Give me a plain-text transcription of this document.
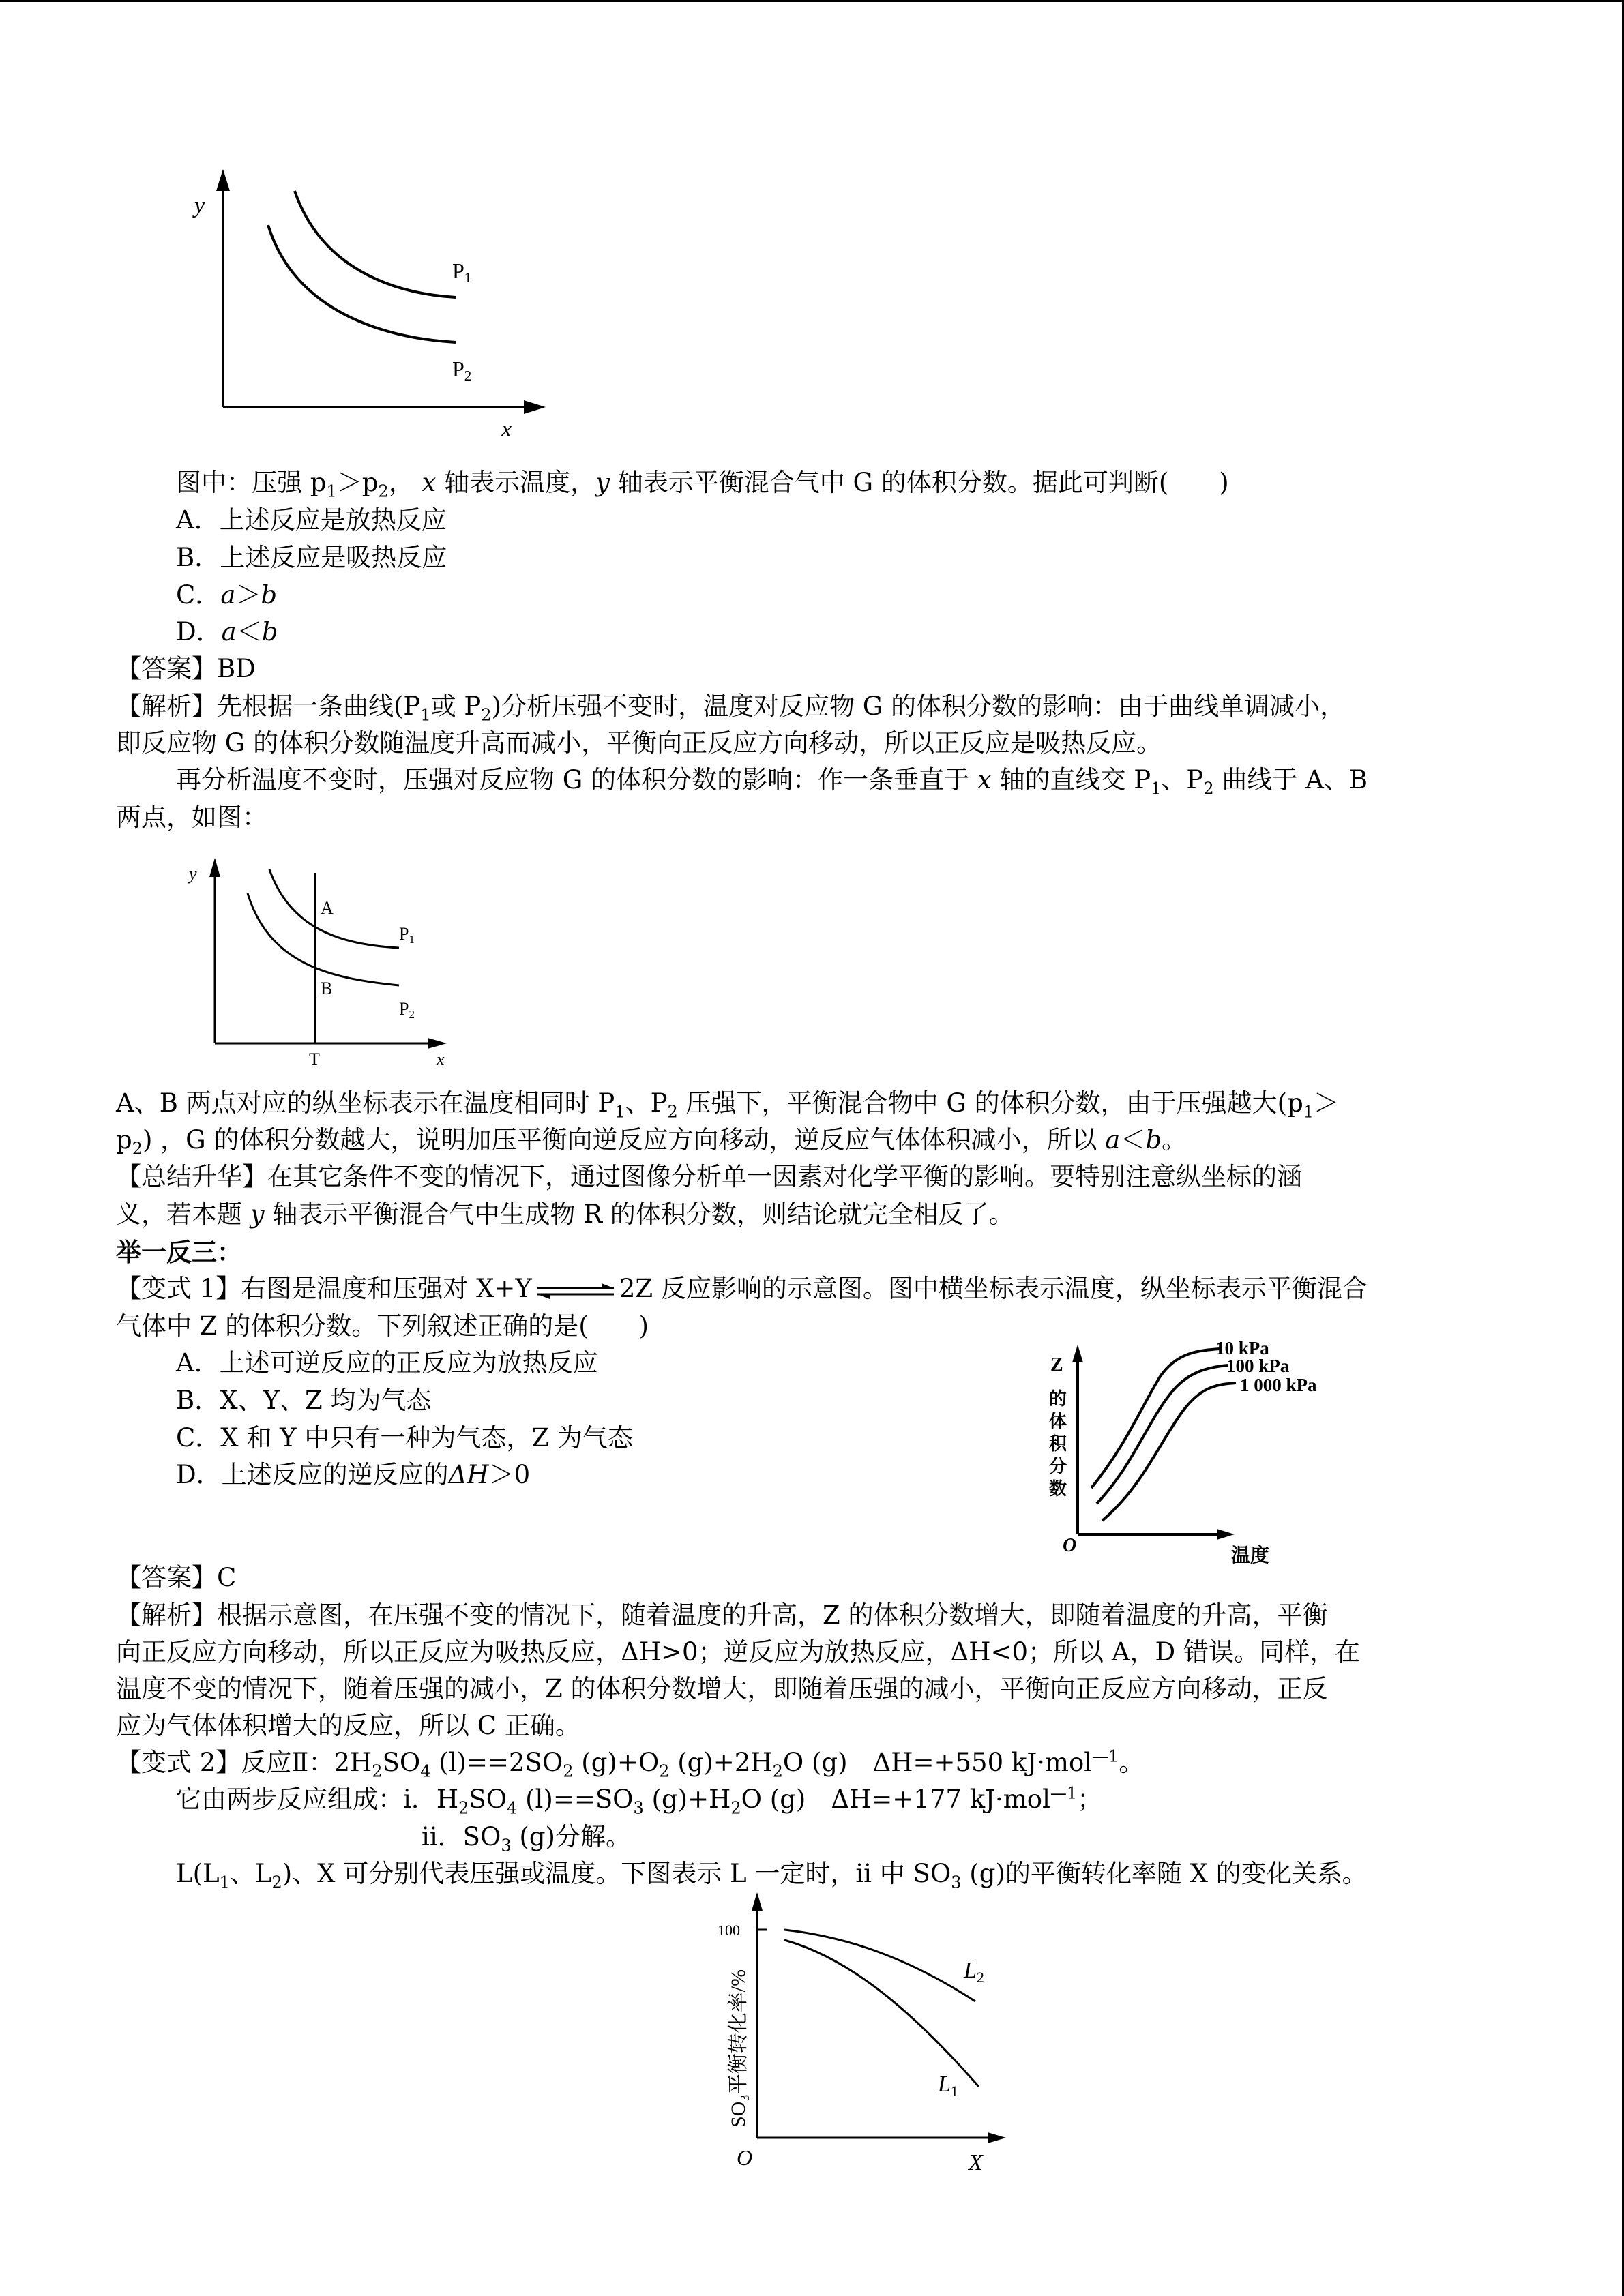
y
x
P1
P2
图中：压强 $p_1>p_2$， x 轴表示温度，y 轴表示平衡混合气中 G 的体积分数。据此可判断(　　)
A．上述反应是放热反应
B．上述反应是吸热反应
C．a＞b
D．a＜b
【答案】BD
【解析】先根据一条曲线($P_1$或 $P_2$)分析压强不变时，温度对反应物 G 的体积分数的影响：由于曲线单调减小，
即反应物 G 的体积分数随温度升高而减小，平衡向正反应方向移动，所以正反应是吸热反应。
再分析温度不变时，压强对反应物 G 的体积分数的影响：作一条垂直于 x 轴的直线交 $P_1$、$P_2$ 曲线于 A、B
两点，如图：
y
x
T
A
B
P1
P2
A、B 两点对应的纵坐标表示在温度相同时 $P_1$、$P_2$ 压强下，平衡混合物中 G 的体积分数，由于压强越大($p_1>$
$p_2$) ，G 的体积分数越大，说明加压平衡向逆反应方向移动，逆反应气体体积减小，所以 a＜b。
【总结升华】在其它条件不变的情况下，通过图像分析单一因素对化学平衡的影响。要特别注意纵坐标的涵
义，若本题 y 轴表示平衡混合气中生成物 R 的体积分数，则结论就完全相反了。
举一反三：
【变式 1】右图是温度和压强对 X+Y ⇌ 2Z 反应影响的示意图。图中横坐标表示温度，纵坐标表示平衡混合
气体中 Z 的体积分数。下列叙述正确的是(　　)
A．上述可逆反应的正反应为放热反应
B．X、Y、Z 均为气态
C．X 和 Y 中只有一种为气态，Z 为气态
D．上述反应的逆反应的ΔH＞0
Z
的
体
积
分
数
O	温度
10 kPa
100 kPa
1 000 kPa
【答案】C
【解析】根据示意图，在压强不变的情况下，随着温度的升高，Z 的体积分数增大，即随着温度的升高，平衡
向正反应方向移动，所以正反应为吸热反应，ΔH>0；逆反应为放热反应，ΔH<0；所以 A，D 错误。同样，在
温度不变的情况下，随着压强的减小，Z 的体积分数增大，即随着压强的减小，平衡向正反应方向移动，正反
应为气体体积增大的反应，所以 C 正确。
【变式 2】反应Ⅱ：$2H_2SO_4$ $(l)==2SO_2$ $(g)+O_2$ $(g)+2H_2O$ (g)　ΔH=+550 kJ·mol$^{—1}$。
它由两步反应组成：i．$H_2SO_4$ $(l)==SO_3$ $(g)+H_2O$ (g)　ΔH=+177 kJ·mol$^{—1}$；
ii．$SO_3$ (g)分解。
$L(L_1$、$L_2$)、X 可分别代表压强或温度。下图表示 L 一定时，ii 中 $SO_3$ (g)的平衡转化率随 X 的变化关系。
100
SO₃平衡转化率/%
O	X
$L_2$
$L_1$
